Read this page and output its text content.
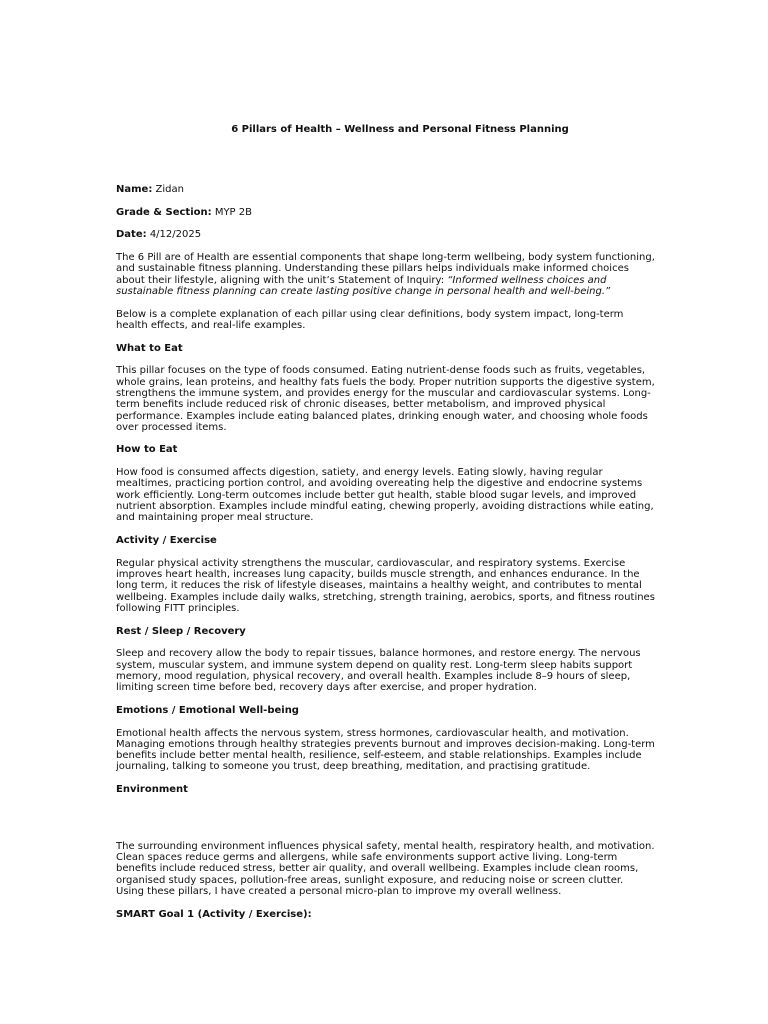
6 Pillars of Health – Wellness and Personal Fitness Planning
Name: Zidan
Grade & Section: MYP 2B
Date: 4/12/2025

The 6 Pill are of Health are essential components that shape long-term wellbeing, body system functioning, and sustainable fitness planning. Understanding these pillars helps individuals make informed choices about their lifestyle, aligning with the unit’s Statement of Inquiry: “Informed wellness choices and sustainable fitness planning can create lasting positive change in personal health and well-being.”

Below is a complete explanation of each pillar using clear definitions, body system impact, long-term health effects, and real-life examples.

What to Eat

This pillar focuses on the type of foods consumed. Eating nutrient-dense foods such as fruits, vegetables, whole grains, lean proteins, and healthy fats fuels the body. Proper nutrition supports the digestive system, strengthens the immune system, and provides energy for the muscular and cardiovascular systems. Long-term benefits include reduced risk of chronic diseases, better metabolism, and improved physical performance. Examples include eating balanced plates, drinking enough water, and choosing whole foods over processed items.

How to Eat

How food is consumed affects digestion, satiety, and energy levels. Eating slowly, having regular mealtimes, practicing portion control, and avoiding overeating help the digestive and endocrine systems work efficiently. Long-term outcomes include better gut health, stable blood sugar levels, and improved nutrient absorption. Examples include mindful eating, chewing properly, avoiding distractions while eating, and maintaining proper meal structure.

Activity / Exercise

Regular physical activity strengthens the muscular, cardiovascular, and respiratory systems. Exercise improves heart health, increases lung capacity, builds muscle strength, and enhances endurance. In the long term, it reduces the risk of lifestyle diseases, maintains a healthy weight, and contributes to mental wellbeing. Examples include daily walks, stretching, strength training, aerobics, sports, and fitness routines following FITT principles.

Rest / Sleep / Recovery

Sleep and recovery allow the body to repair tissues, balance hormones, and restore energy. The nervous system, muscular system, and immune system depend on quality rest. Long-term sleep habits support memory, mood regulation, physical recovery, and overall health. Examples include 8–9 hours of sleep, limiting screen time before bed, recovery days after exercise, and proper hydration.

Emotions / Emotional Well-being

Emotional health affects the nervous system, stress hormones, cardiovascular health, and motivation. Managing emotions through healthy strategies prevents burnout and improves decision-making. Long-term benefits include better mental health, resilience, self-esteem, and stable relationships. Examples include journaling, talking to someone you trust, deep breathing, meditation, and practising gratitude.

Environment

The surrounding environment influences physical safety, mental health, respiratory health, and motivation. Clean spaces reduce germs and allergens, while safe environments support active living. Long-term benefits include reduced stress, better air quality, and overall wellbeing. Examples include clean rooms, organised study spaces, pollution-free areas, sunlight exposure, and reducing noise or screen clutter.

Using these pillars, I have created a personal micro-plan to improve my overall wellness.

SMART Goal 1 (Activity / Exercise):
